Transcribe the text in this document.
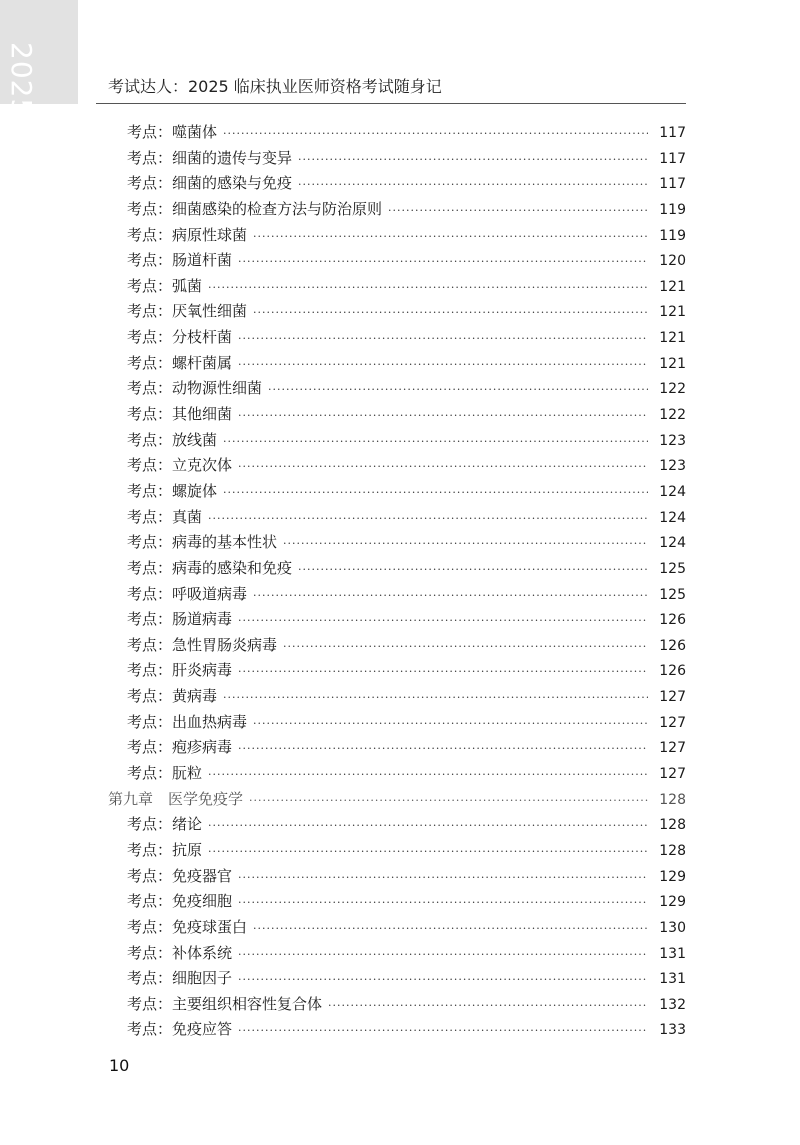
2025	考试达人：2025 临床执业医师资格考试随身记
考点：噬菌体 ·····	117
考点：细菌的遗传与变异 ·····	117
考点：细菌的感染与免疫 ·····	117
考点：细菌感染的检查方法与防治原则 ·····	119
考点：病原性球菌 ·····	119
考点：肠道杆菌 ·····	120
考点：弧菌 ·····	121
考点：厌氧性细菌 ·····	121
考点：分枝杆菌 ·····	121
考点：螺杆菌属 ·····	121
考点：动物源性细菌 ·····	122
考点：其他细菌 ·····	122
考点：放线菌 ·····	123
考点：立克次体 ·····	123
考点：螺旋体 ·····	124
考点：真菌 ·····	124
考点：病毒的基本性状 ·····	124
考点：病毒的感染和免疫 ·····	125
考点：呼吸道病毒 ·····	125
考点：肠道病毒 ·····	126
考点：急性胃肠炎病毒 ·····	126
考点：肝炎病毒 ·····	126
考点：黄病毒 ·····	127
考点：出血热病毒 ·····	127
考点：疱疹病毒 ·····	127
考点：朊粒 ·····	127
第九章　医学免疫学 ·····	128
考点：绪论 ·····	128
考点：抗原 ·····	128
考点：免疫器官 ·····	129
考点：免疫细胞 ·····	129
考点：免疫球蛋白 ·····	130
考点：补体系统 ·····	131
考点：细胞因子 ·····	131
考点：主要组织相容性复合体 ·····	132
考点：免疫应答 ·····	133
10
